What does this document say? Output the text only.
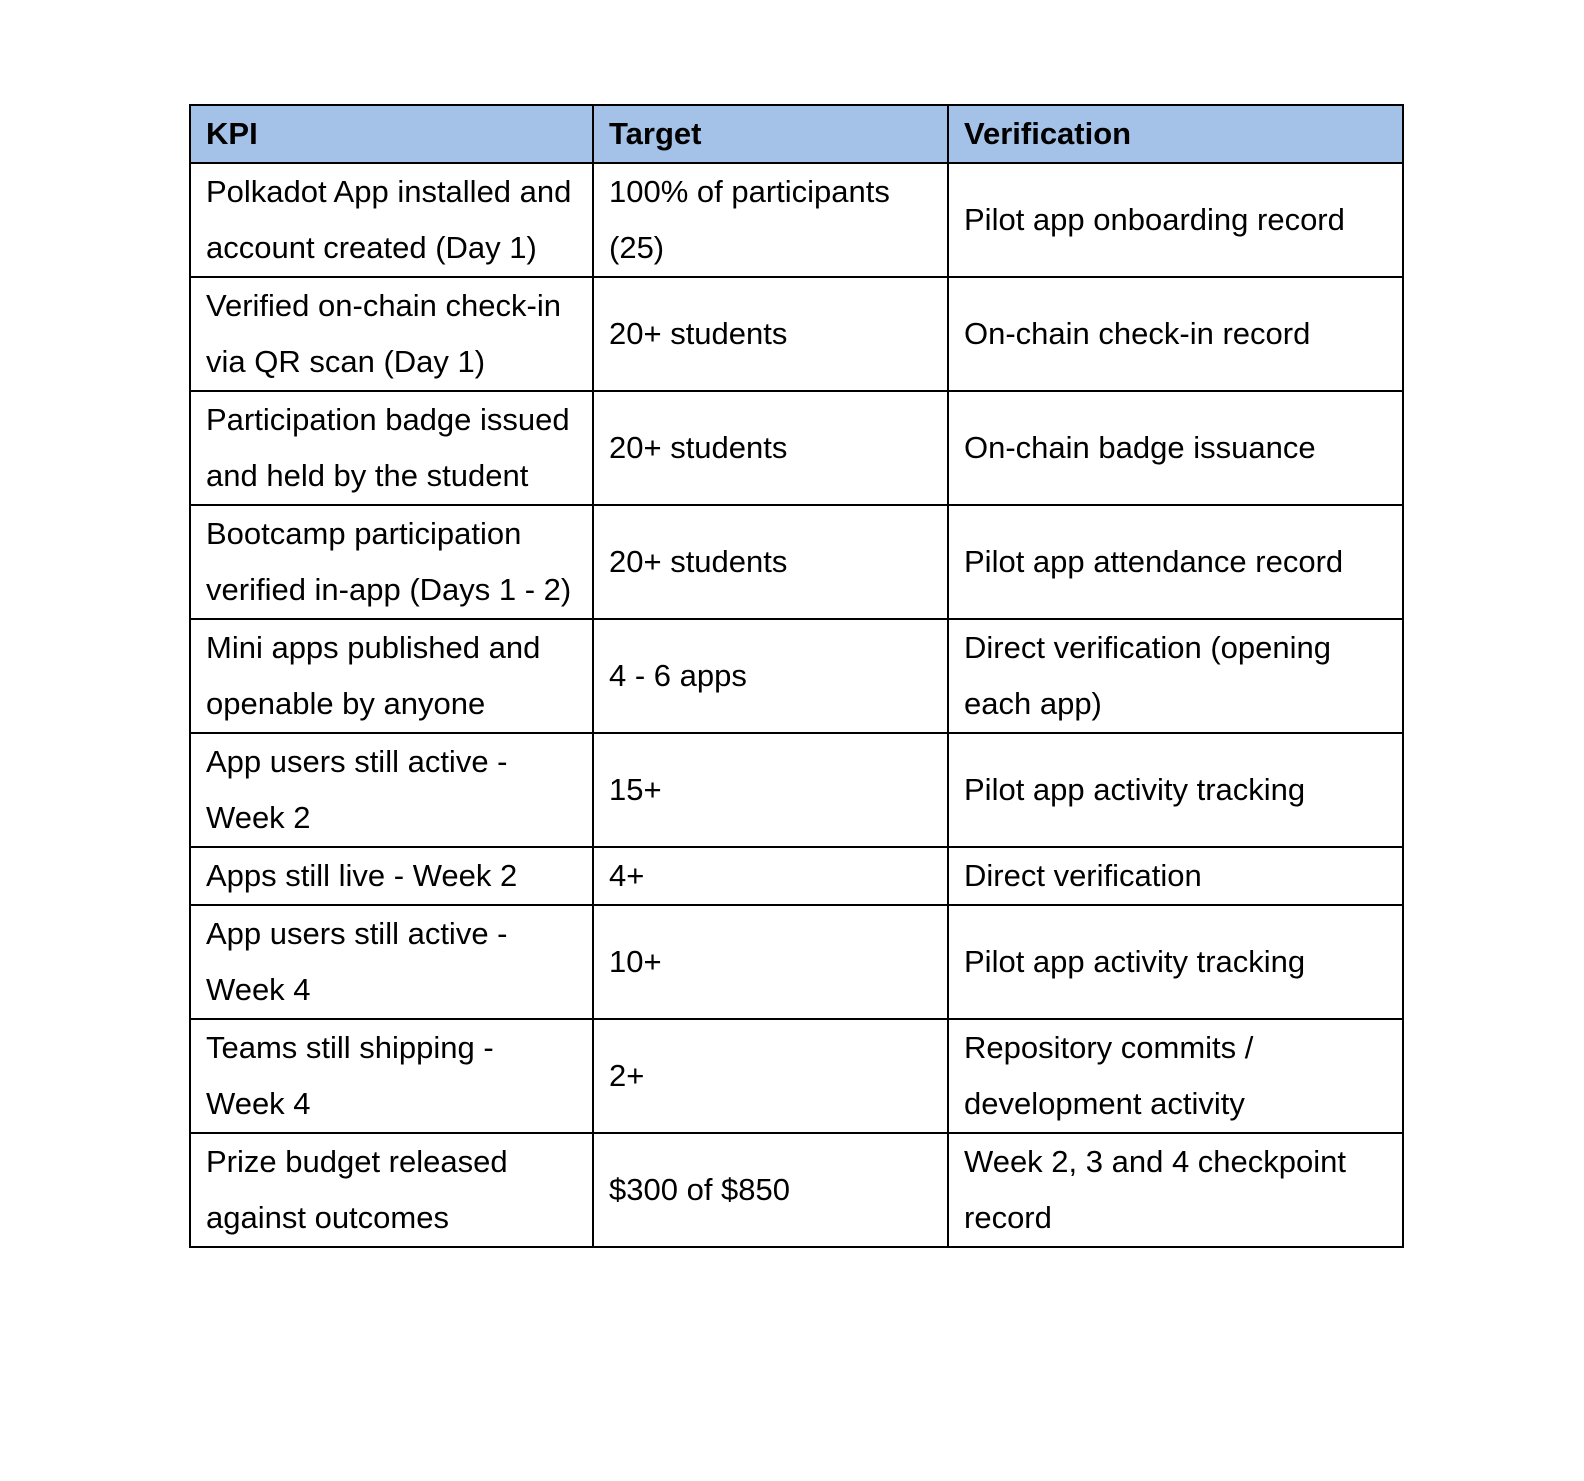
KPI	Target	Verification
Polkadot App installed and account created (Day 1)	100% of participants (25)	Pilot app onboarding record
Verified on-chain check-in via QR scan (Day 1)	20+ students	On-chain check-in record
Participation badge issued and held by the student	20+ students	On-chain badge issuance
Bootcamp participation verified in-app (Days 1 - 2)	20+ students	Pilot app attendance record
Mini apps published and openable by anyone	4 - 6 apps	Direct verification (opening each app)
App users still active - Week 2	15+	Pilot app activity tracking
Apps still live - Week 2	4+	Direct verification
App users still active - Week 4	10+	Pilot app activity tracking
Teams still shipping - Week 4	2+	Repository commits / development activity
Prize budget released against outcomes	$300 of $850	Week 2, 3 and 4 checkpoint record
